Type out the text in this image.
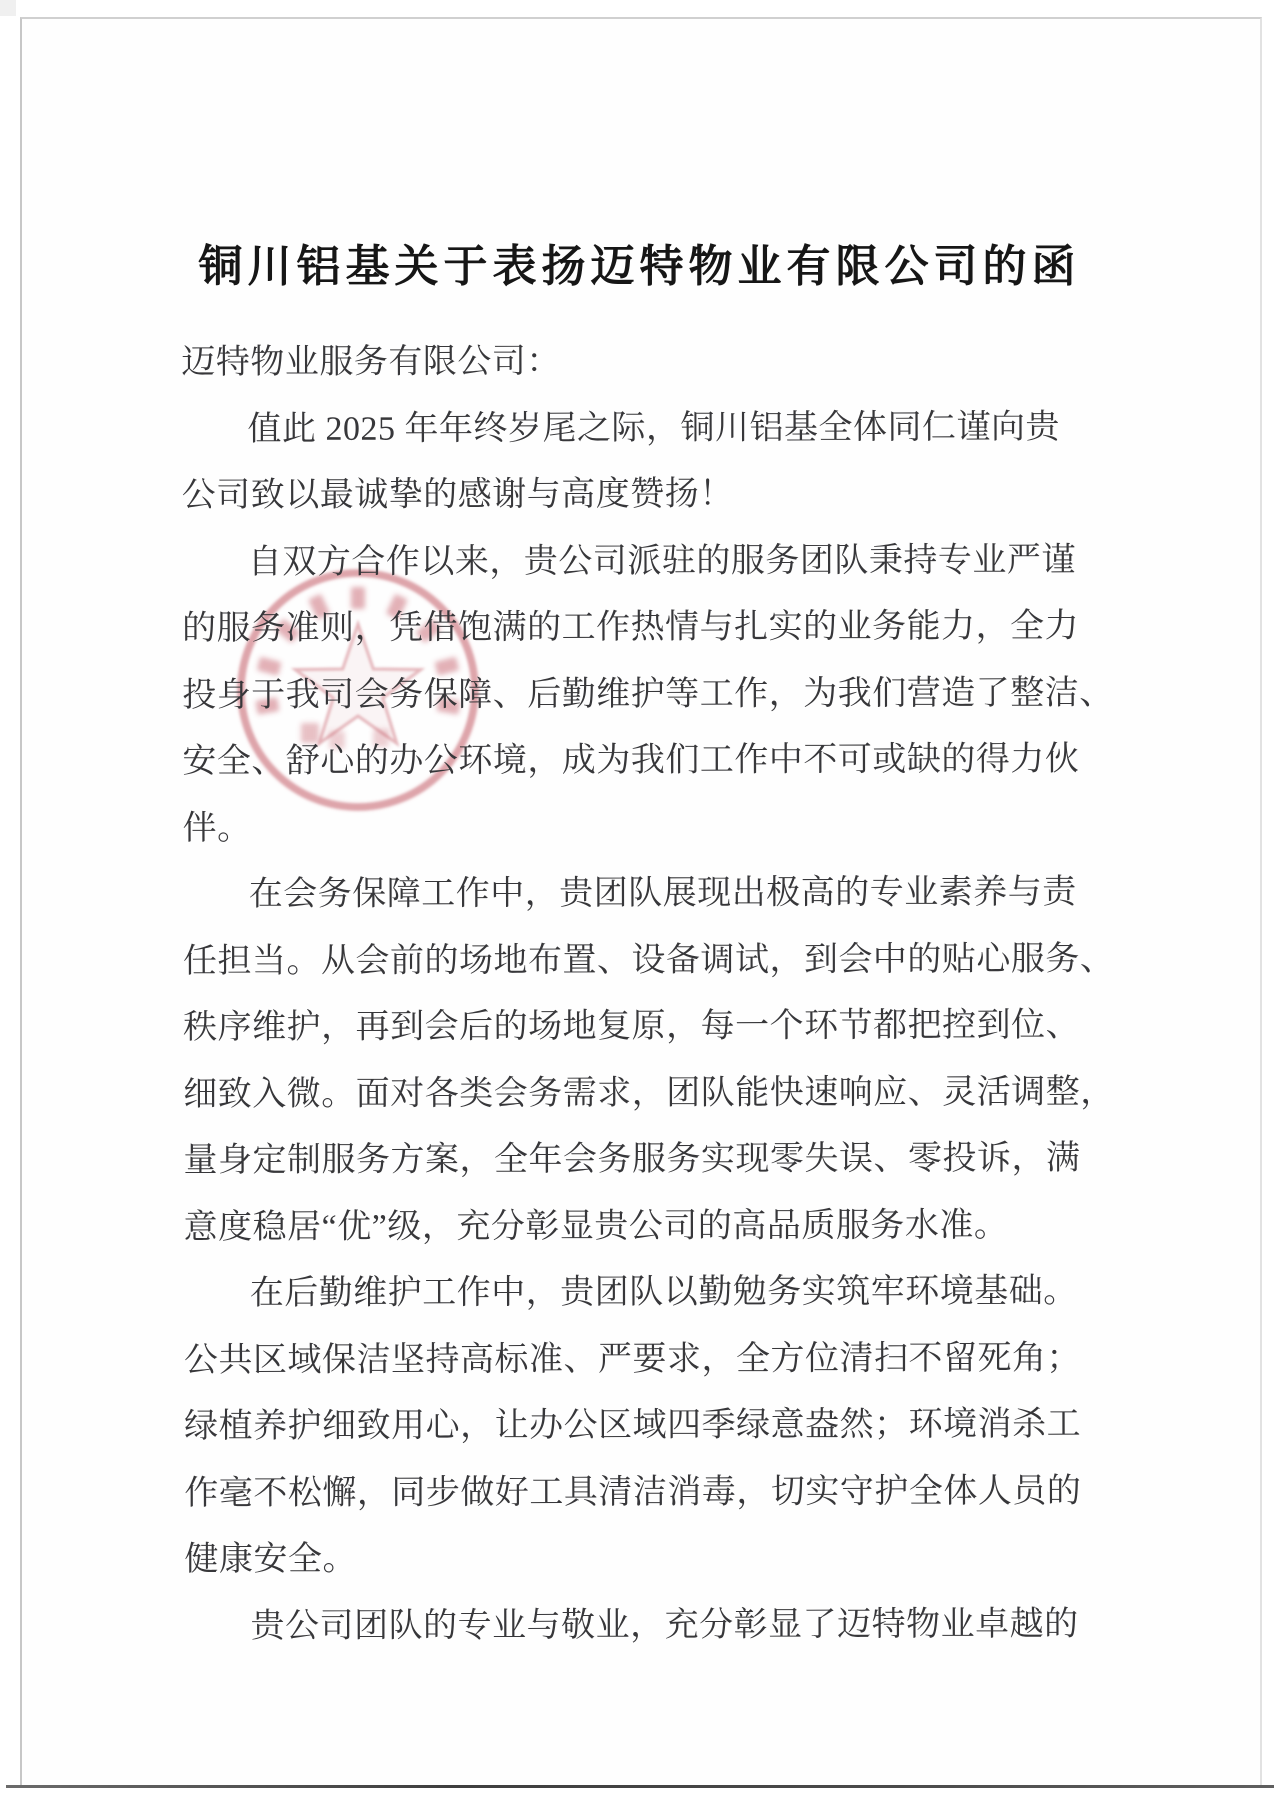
铜川铝基关于表扬迈特物业有限公司的函
迈特物业服务有限公司：
值此 2025 年年终岁尾之际，铜川铝基全体同仁谨向贵
公司致以最诚挚的感谢与高度赞扬！
自双方合作以来，贵公司派驻的服务团队秉持专业严谨
的服务准则，凭借饱满的工作热情与扎实的业务能力，全力
投身于我司会务保障、后勤维护等工作，为我们营造了整洁、
安全、舒心的办公环境，成为我们工作中不可或缺的得力伙
伴。
在会务保障工作中，贵团队展现出极高的专业素养与责
任担当。从会前的场地布置、设备调试，到会中的贴心服务、
秩序维护，再到会后的场地复原，每一个环节都把控到位、
细致入微。面对各类会务需求，团队能快速响应、灵活调整，
量身定制服务方案，全年会务服务实现零失误、零投诉，满
意度稳居“优”级，充分彰显贵公司的高品质服务水准。
在后勤维护工作中，贵团队以勤勉务实筑牢环境基础。
公共区域保洁坚持高标准、严要求，全方位清扫不留死角；
绿植养护细致用心，让办公区域四季绿意盎然；环境消杀工
作毫不松懈，同步做好工具清洁消毒，切实守护全体人员的
健康安全。
贵公司团队的专业与敬业，充分彰显了迈特物业卓越的
